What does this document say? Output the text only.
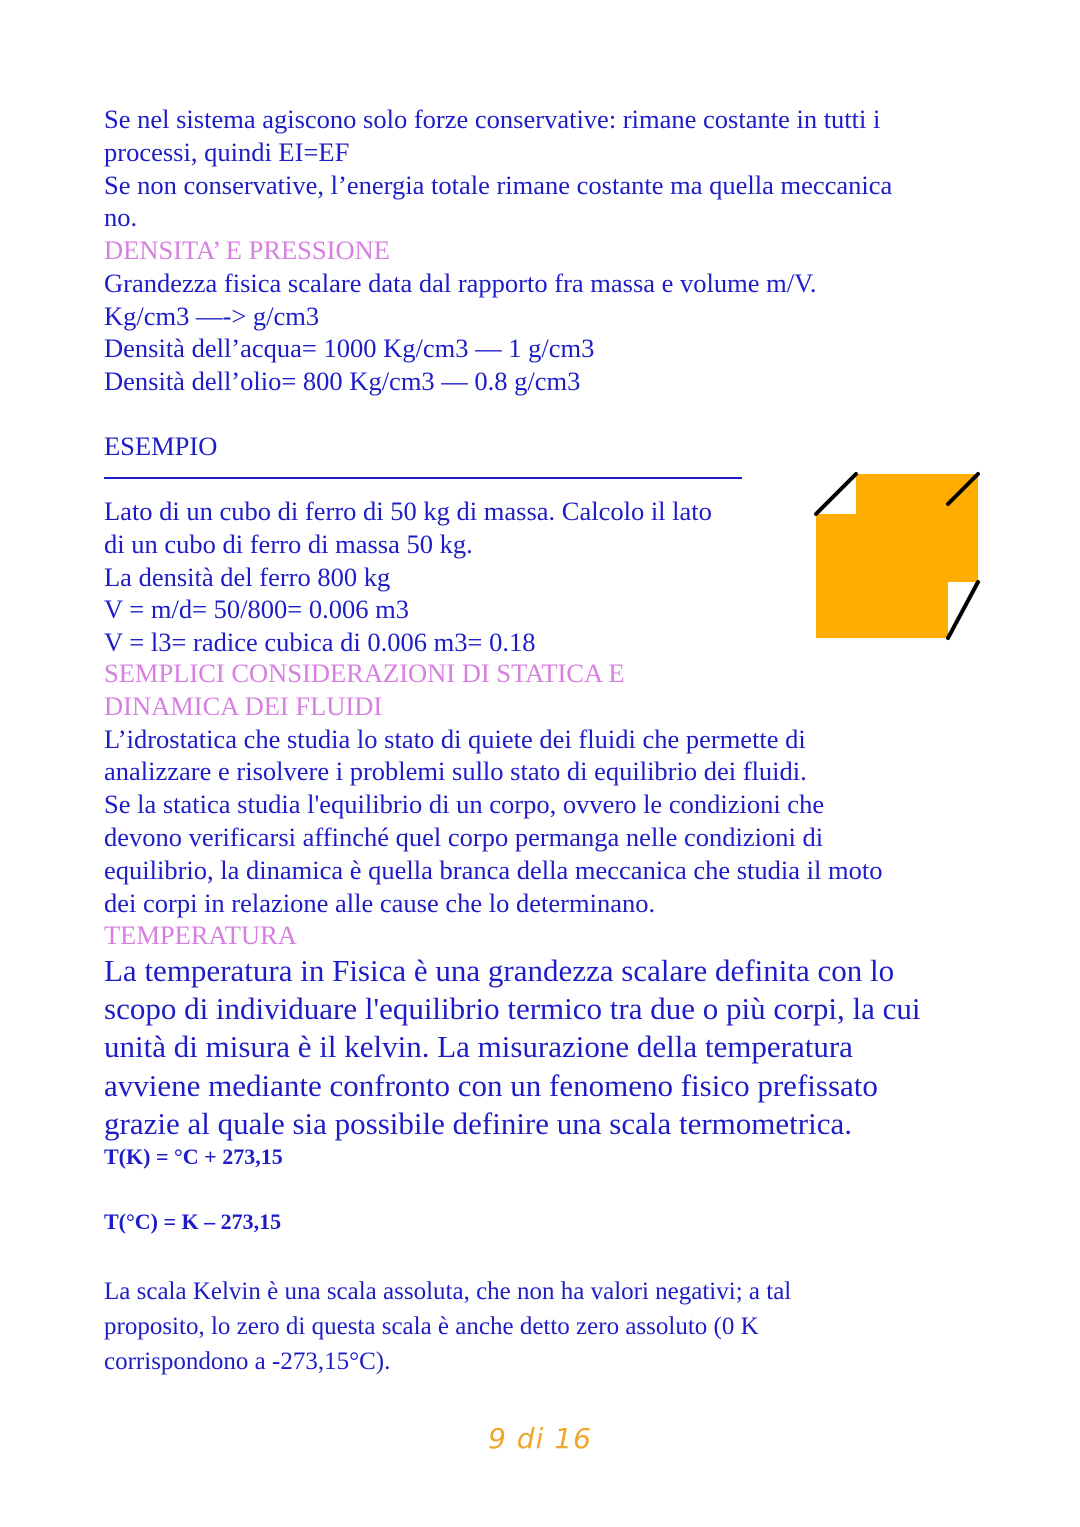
Se nel sistema agiscono solo forze conservative: rimane costante in tutti i
processi, quindi EI=EF
Se non conservative, l’energia totale rimane costante ma quella meccanica
no.
DENSITA’ E PRESSIONE
Grandezza fisica scalare data dal rapporto fra massa e volume m/V.
Kg/cm3 —-> g/cm3
Densità dell’acqua= 1000 Kg/cm3 — 1 g/cm3
Densità dell’olio= 800 Kg/cm3 — 0.8 g/cm3
ESEMPIO
Lato di un cubo di ferro di 50 kg di massa. Calcolo il lato
di un cubo di ferro di massa 50 kg.
La densità del ferro 800 kg
V = m/d= 50/800= 0.006 m3
V = l3= radice cubica di 0.006 m3= 0.18
SEMPLICI CONSIDERAZIONI DI STATICA E
DINAMICA DEI FLUIDI
L’idrostatica che studia lo stato di quiete dei fluidi che permette di
analizzare e risolvere i problemi sullo stato di equilibrio dei fluidi.
Se la statica studia l'equilibrio di un corpo, ovvero le condizioni che
devono verificarsi affinché quel corpo permanga nelle condizioni di
equilibrio, la dinamica è quella branca della meccanica che studia il moto
dei corpi in relazione alle cause che lo determinano.
TEMPERATURA
La temperatura in Fisica è una grandezza scalare definita con lo
scopo di individuare l'equilibrio termico tra due o più corpi, la cui
unità di misura è il kelvin. La misurazione della temperatura
avviene mediante confronto con un fenomeno fisico prefissato
grazie al quale sia possibile definire una scala termometrica.
T(K) = °C + 273,15
T(°C) = K – 273,15
La scala Kelvin è una scala assoluta, che non ha valori negativi; a tal
proposito, lo zero di questa scala è anche detto zero assoluto (0 K
corrispondono a -273,15°C).
9 di 16
